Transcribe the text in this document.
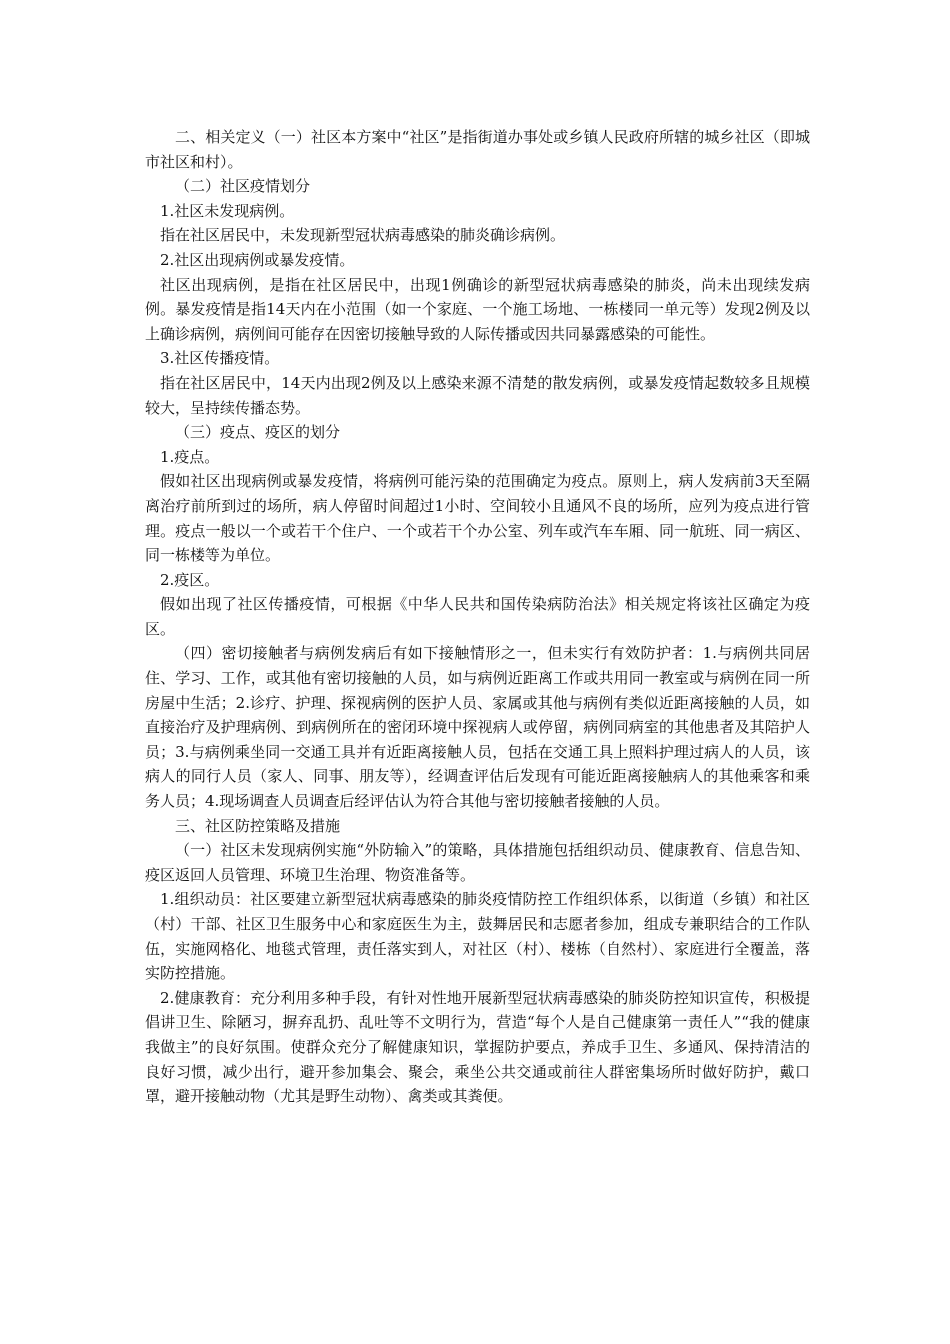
二、相关定义（一）社区本方案中“社区”是指街道办事处或乡镇人民政府所辖的城乡社区（即城市社区和村）。

（二）社区疫情划分

1.社区未发现病例。

指在社区居民中，未发现新型冠状病毒感染的肺炎确诊病例。

2.社区出现病例或暴发疫情。

社区出现病例，是指在社区居民中，出现1例确诊的新型冠状病毒感染的肺炎，尚未出现续发病例。暴发疫情是指14天内在小范围（如一个家庭、一个施工场地、一栋楼同一单元等）发现2例及以上确诊病例，病例间可能存在因密切接触导致的人际传播或因共同暴露感染的可能性。

3.社区传播疫情。

指在社区居民中，14天内出现2例及以上感染来源不清楚的散发病例，或暴发疫情起数较多且规模较大，呈持续传播态势。

（三）疫点、疫区的划分

1.疫点。

假如社区出现病例或暴发疫情，将病例可能污染的范围确定为疫点。原则上，病人发病前3天至隔离治疗前所到过的场所，病人停留时间超过1小时、空间较小且通风不良的场所，应列为疫点进行管理。疫点一般以一个或若干个住户、一个或若干个办公室、列车或汽车车厢、同一航班、同一病区、同一栋楼等为单位。

2.疫区。

假如出现了社区传播疫情，可根据《中华人民共和国传染病防治法》相关规定将该社区确定为疫区。

（四）密切接触者与病例发病后有如下接触情形之一，但未实行有效防护者：1.与病例共同居住、学习、工作，或其他有密切接触的人员，如与病例近距离工作或共用同一教室或与病例在同一所房屋中生活；2.诊疗、护理、探视病例的医护人员、家属或其他与病例有类似近距离接触的人员，如直接治疗及护理病例、到病例所在的密闭环境中探视病人或停留，病例同病室的其他患者及其陪护人员；3.与病例乘坐同一交通工具并有近距离接触人员，包括在交通工具上照料护理过病人的人员，该病人的同行人员（家人、同事、朋友等），经调查评估后发现有可能近距离接触病人的其他乘客和乘务人员；4.现场调查人员调查后经评估认为符合其他与密切接触者接触的人员。

三、社区防控策略及措施

（一）社区未发现病例实施“外防输入”的策略，具体措施包括组织动员、健康教育、信息告知、疫区返回人员管理、环境卫生治理、物资准备等。

1.组织动员：社区要建立新型冠状病毒感染的肺炎疫情防控工作组织体系，以街道（乡镇）和社区（村）干部、社区卫生服务中心和家庭医生为主，鼓舞居民和志愿者参加，组成专兼职结合的工作队伍，实施网格化、地毯式管理，责任落实到人，对社区（村）、楼栋（自然村）、家庭进行全覆盖，落实防控措施。

2.健康教育：充分利用多种手段，有针对性地开展新型冠状病毒感染的肺炎防控知识宣传，积极提倡讲卫生、除陋习，摒弃乱扔、乱吐等不文明行为，营造“每个人是自己健康第一责任人”“我的健康我做主”的良好氛围。使群众充分了解健康知识，掌握防护要点，养成手卫生、多通风、保持清洁的良好习惯，减少出行，避开参加集会、聚会，乘坐公共交通或前往人群密集场所时做好防护，戴口罩，避开接触动物（尤其是野生动物）、禽类或其粪便。
